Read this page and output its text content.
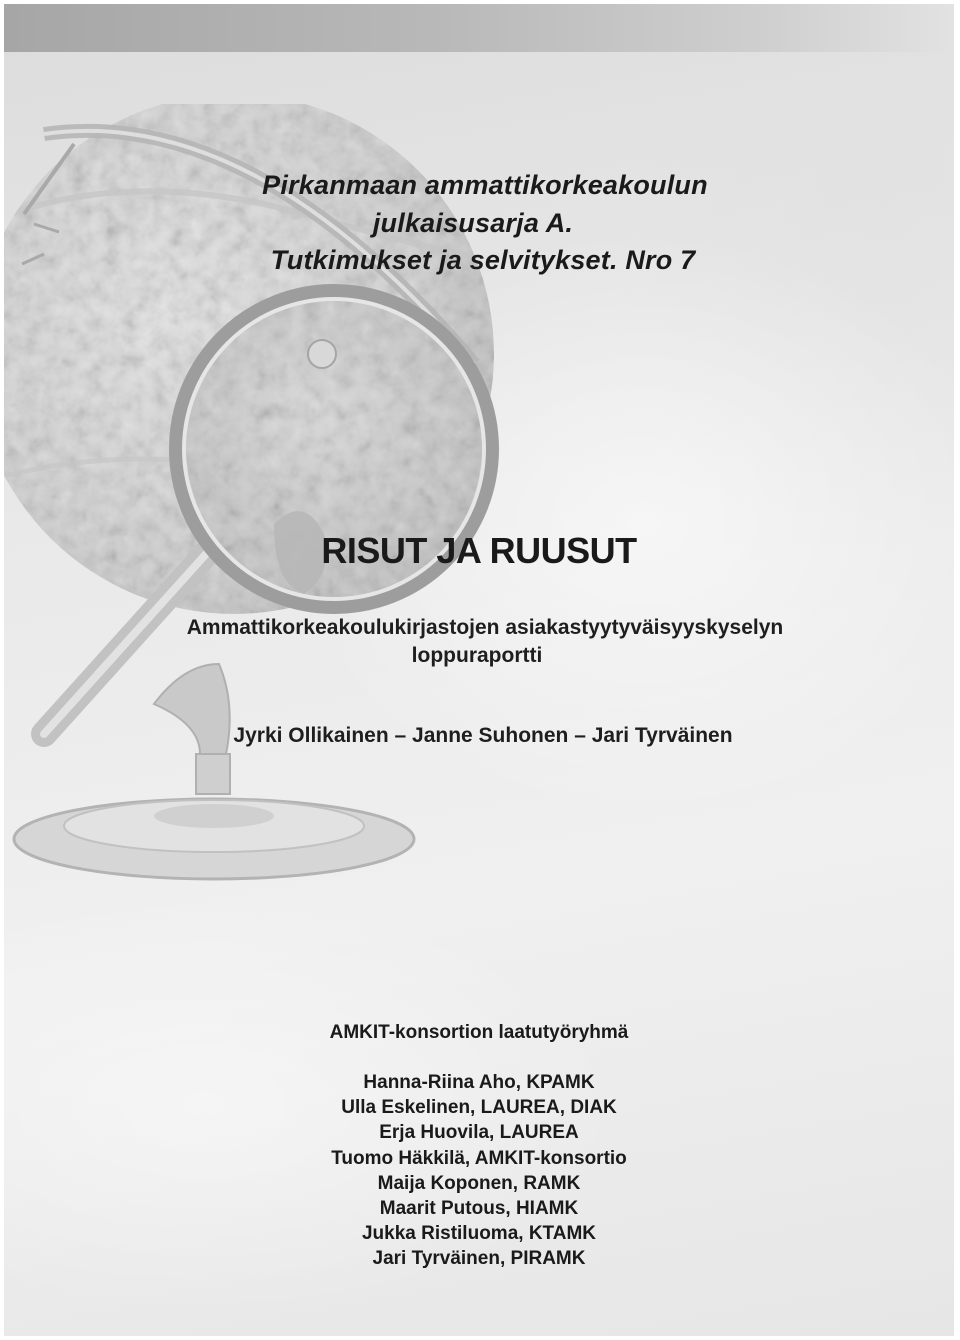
Pirkanmaan ammattikorkeakoulun
julkaisusarja A.
Tutkimukset ja selvitykset. Nro 7
RISUT JA RUUSUT
Ammattikorkeakoulukirjastojen asiakastyytyväisyyskyselyn
loppuraportti
Jyrki Ollikainen – Janne Suhonen – Jari Tyrväinen
AMKIT-konsortion laatutyöryhmä
Hanna-Riina Aho, KPAMK
Ulla Eskelinen, LAUREA, DIAK
Erja Huovila, LAUREA
Tuomo Häkkilä, AMKIT-konsortio
Maija Koponen, RAMK
Maarit Putous, HIAMK
Jukka Ristiluoma, KTAMK
Jari Tyrväinen, PIRAMK
